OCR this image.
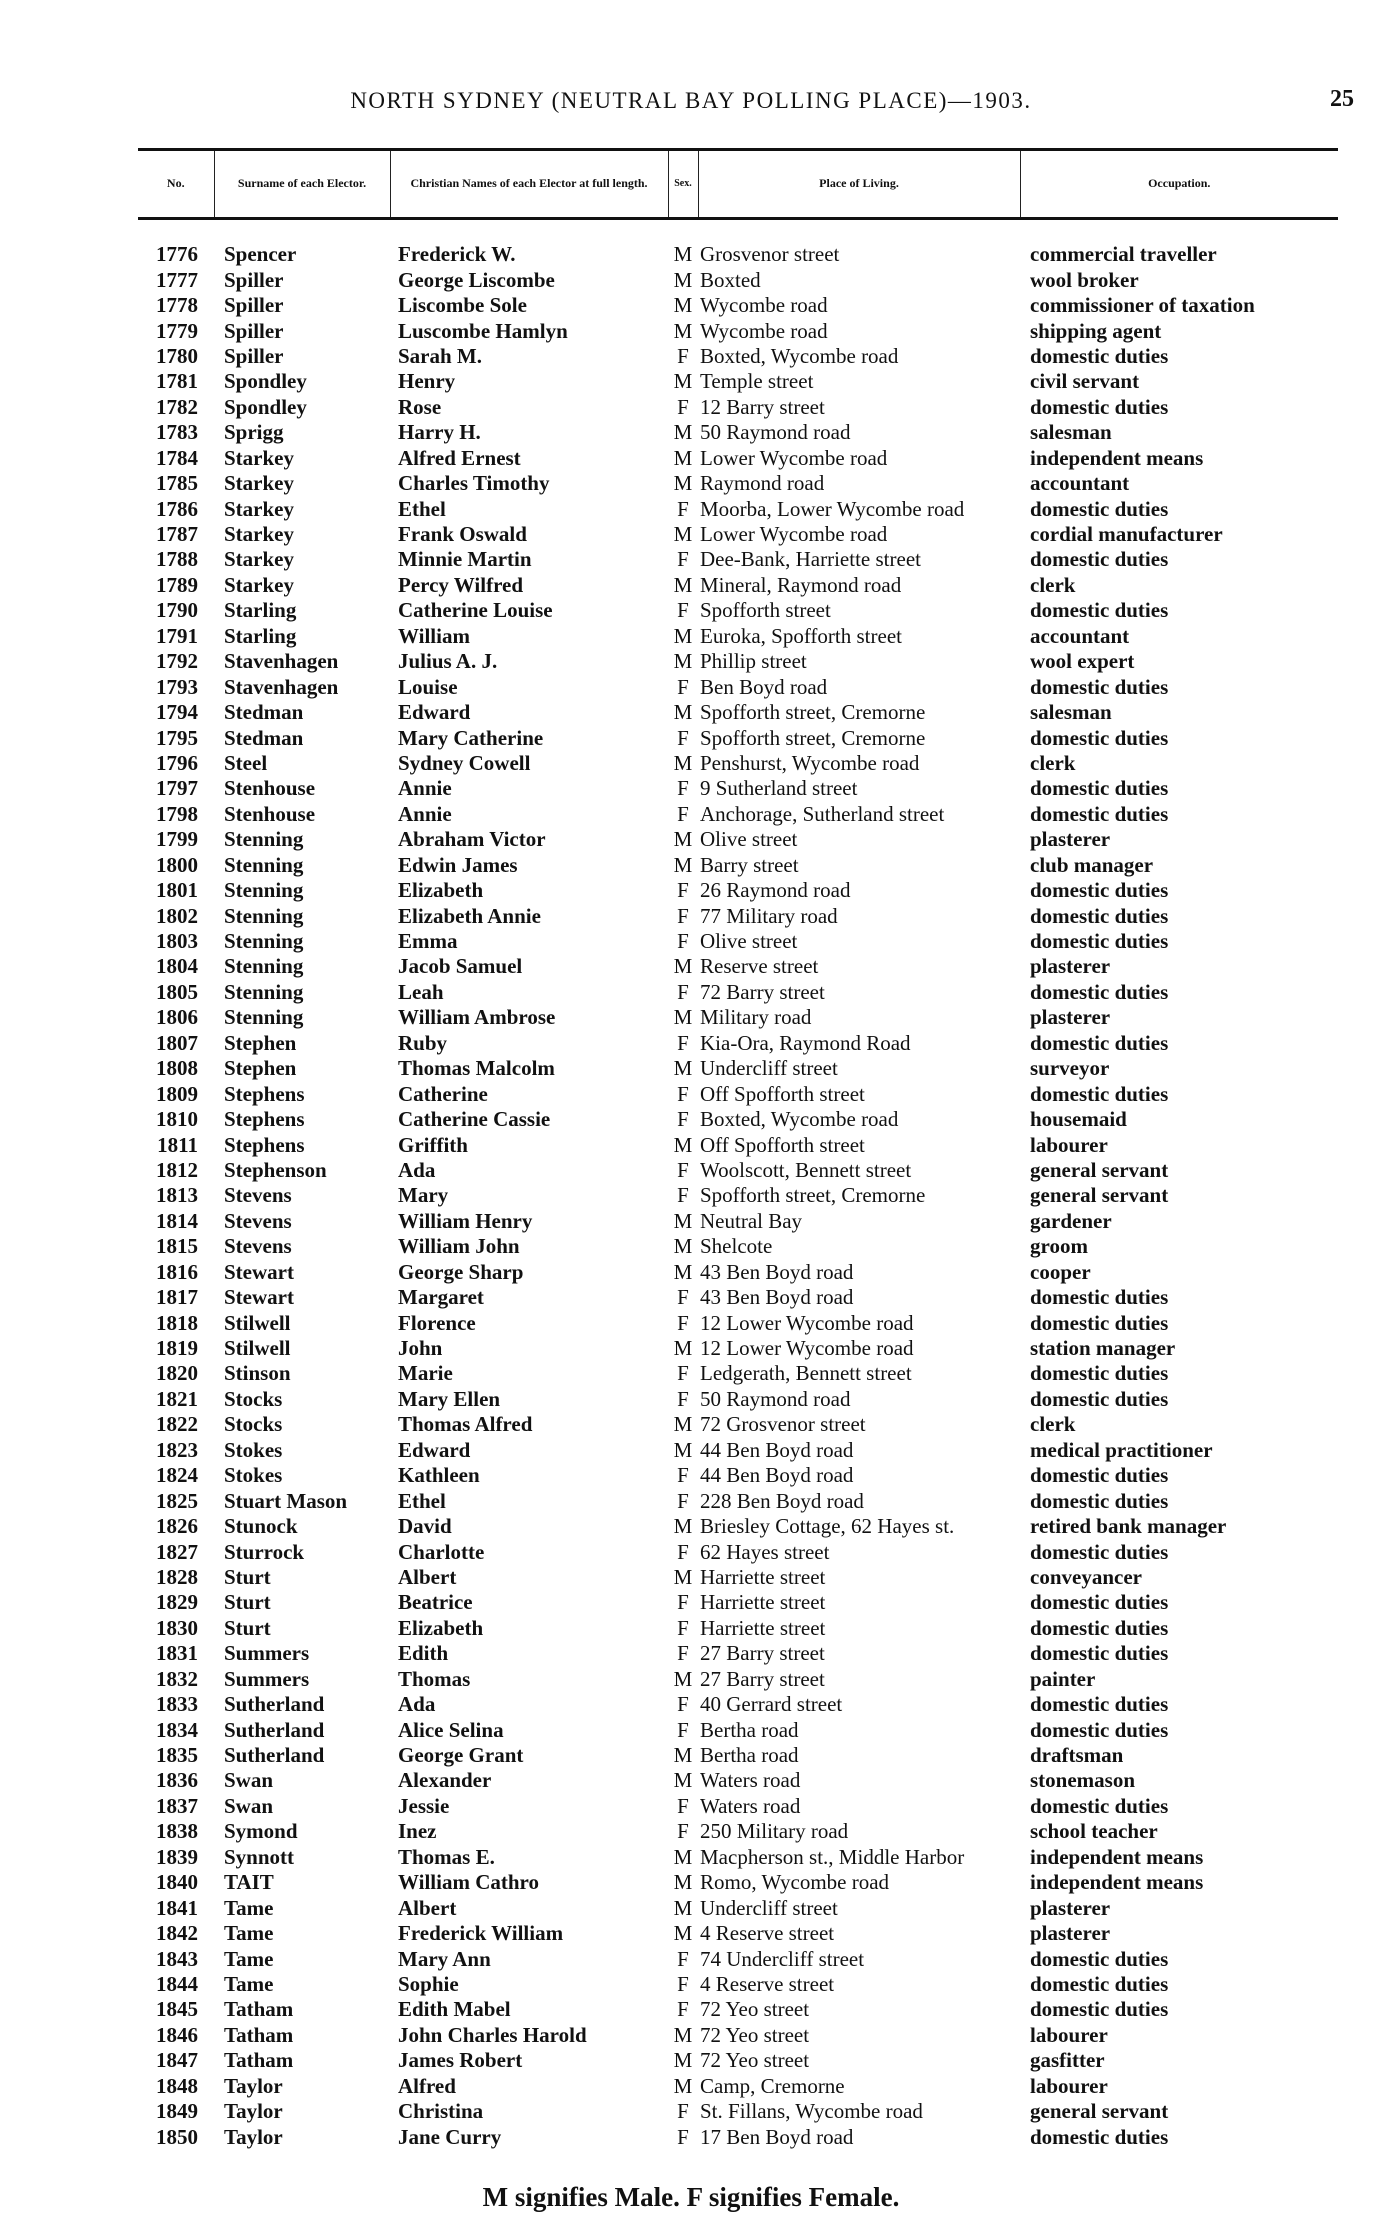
NORTH SYDNEY (NEUTRAL BAY POLLING PLACE)—1903.	25
No.	Surname of each Elector.	Christian Names of each Elector at full length.	Sex.	Place of Living.	Occupation.

1776	Spencer	Frederick W.	M	Grosvenor street	commercial traveller
1777	Spiller	George Liscombe	M	Boxted	wool broker
1778	Spiller	Liscombe Sole	M	Wycombe road	commissioner of taxation
1779	Spiller	Luscombe Hamlyn	M	Wycombe road	shipping agent
1780	Spiller	Sarah M.	F	Boxted, Wycombe road	domestic duties
1781	Spondley	Henry	M	Temple street	civil servant
1782	Spondley	Rose	F	12 Barry street	domestic duties
1783	Sprigg	Harry H.	M	50 Raymond road	salesman
1784	Starkey	Alfred Ernest	M	Lower Wycombe road	independent means
1785	Starkey	Charles Timothy	M	Raymond road	accountant
1786	Starkey	Ethel	F	Moorba, Lower Wycombe road	domestic duties
1787	Starkey	Frank Oswald	M	Lower Wycombe road	cordial manufacturer
1788	Starkey	Minnie Martin	F	Dee-Bank, Harriette street	domestic duties
1789	Starkey	Percy Wilfred	M	Mineral, Raymond road	clerk
1790	Starling	Catherine Louise	F	Spofforth street	domestic duties
1791	Starling	William	M	Euroka, Spofforth street	accountant
1792	Stavenhagen	Julius A. J.	M	Phillip street	wool expert
1793	Stavenhagen	Louise	F	Ben Boyd road	domestic duties
1794	Stedman	Edward	M	Spofforth street, Cremorne	salesman
1795	Stedman	Mary Catherine	F	Spofforth street, Cremorne	domestic duties
1796	Steel	Sydney Cowell	M	Penshurst, Wycombe road	clerk
1797	Stenhouse	Annie	F	9 Sutherland street	domestic duties
1798	Stenhouse	Annie	F	Anchorage, Sutherland street	domestic duties
1799	Stenning	Abraham Victor	M	Olive street	plasterer
1800	Stenning	Edwin James	M	Barry street	club manager
1801	Stenning	Elizabeth	F	26 Raymond road	domestic duties
1802	Stenning	Elizabeth Annie	F	77 Military road	domestic duties
1803	Stenning	Emma	F	Olive street	domestic duties
1804	Stenning	Jacob Samuel	M	Reserve street	plasterer
1805	Stenning	Leah	F	72 Barry street	domestic duties
1806	Stenning	William Ambrose	M	Military road	plasterer
1807	Stephen	Ruby	F	Kia-Ora, Raymond Road	domestic duties
1808	Stephen	Thomas Malcolm	M	Undercliff street	surveyor
1809	Stephens	Catherine	F	Off Spofforth street	domestic duties
1810	Stephens	Catherine Cassie	F	Boxted, Wycombe road	housemaid
1811	Stephens	Griffith	M	Off Spofforth street	labourer
1812	Stephenson	Ada	F	Woolscott, Bennett street	general servant
1813	Stevens	Mary	F	Spofforth street, Cremorne	general servant
1814	Stevens	William Henry	M	Neutral Bay	gardener
1815	Stevens	William John	M	Shelcote	groom
1816	Stewart	George Sharp	M	43 Ben Boyd road	cooper
1817	Stewart	Margaret	F	43 Ben Boyd road	domestic duties
1818	Stilwell	Florence	F	12 Lower Wycombe road	domestic duties
1819	Stilwell	John	M	12 Lower Wycombe road	station manager
1820	Stinson	Marie	F	Ledgerath, Bennett street	domestic duties
1821	Stocks	Mary Ellen	F	50 Raymond road	domestic duties
1822	Stocks	Thomas Alfred	M	72 Grosvenor street	clerk
1823	Stokes	Edward	M	44 Ben Boyd road	medical practitioner
1824	Stokes	Kathleen	F	44 Ben Boyd road	domestic duties
1825	Stuart Mason	Ethel	F	228 Ben Boyd road	domestic duties
1826	Stunock	David	M	Briesley Cottage, 62 Hayes st.	retired bank manager
1827	Sturrock	Charlotte	F	62 Hayes street	domestic duties
1828	Sturt	Albert	M	Harriette street	conveyancer
1829	Sturt	Beatrice	F	Harriette street	domestic duties
1830	Sturt	Elizabeth	F	Harriette street	domestic duties
1831	Summers	Edith	F	27 Barry street	domestic duties
1832	Summers	Thomas	M	27 Barry street	painter
1833	Sutherland	Ada	F	40 Gerrard street	domestic duties
1834	Sutherland	Alice Selina	F	Bertha road	domestic duties
1835	Sutherland	George Grant	M	Bertha road	draftsman
1836	Swan	Alexander	M	Waters road	stonemason
1837	Swan	Jessie	F	Waters road	domestic duties
1838	Symond	Inez	F	250 Military road	school teacher
1839	Synnott	Thomas E.	M	Macpherson st., Middle Harbor	independent means
1840	TAIT	William Cathro	M	Romo, Wycombe road	independent means
1841	Tame	Albert	M	Undercliff street	plasterer
1842	Tame	Frederick William	M	4 Reserve street	plasterer
1843	Tame	Mary Ann	F	74 Undercliff street	domestic duties
1844	Tame	Sophie	F	4 Reserve street	domestic duties
1845	Tatham	Edith Mabel	F	72 Yeo street	domestic duties
1846	Tatham	John Charles Harold	M	72 Yeo street	labourer
1847	Tatham	James Robert	M	72 Yeo street	gasfitter
1848	Taylor	Alfred	M	Camp, Cremorne	labourer
1849	Taylor	Christina	F	St. Fillans, Wycombe road	general servant
1850	Taylor	Jane Curry	F	17 Ben Boyd road	domestic duties
M signifies Male. F signifies Female.
